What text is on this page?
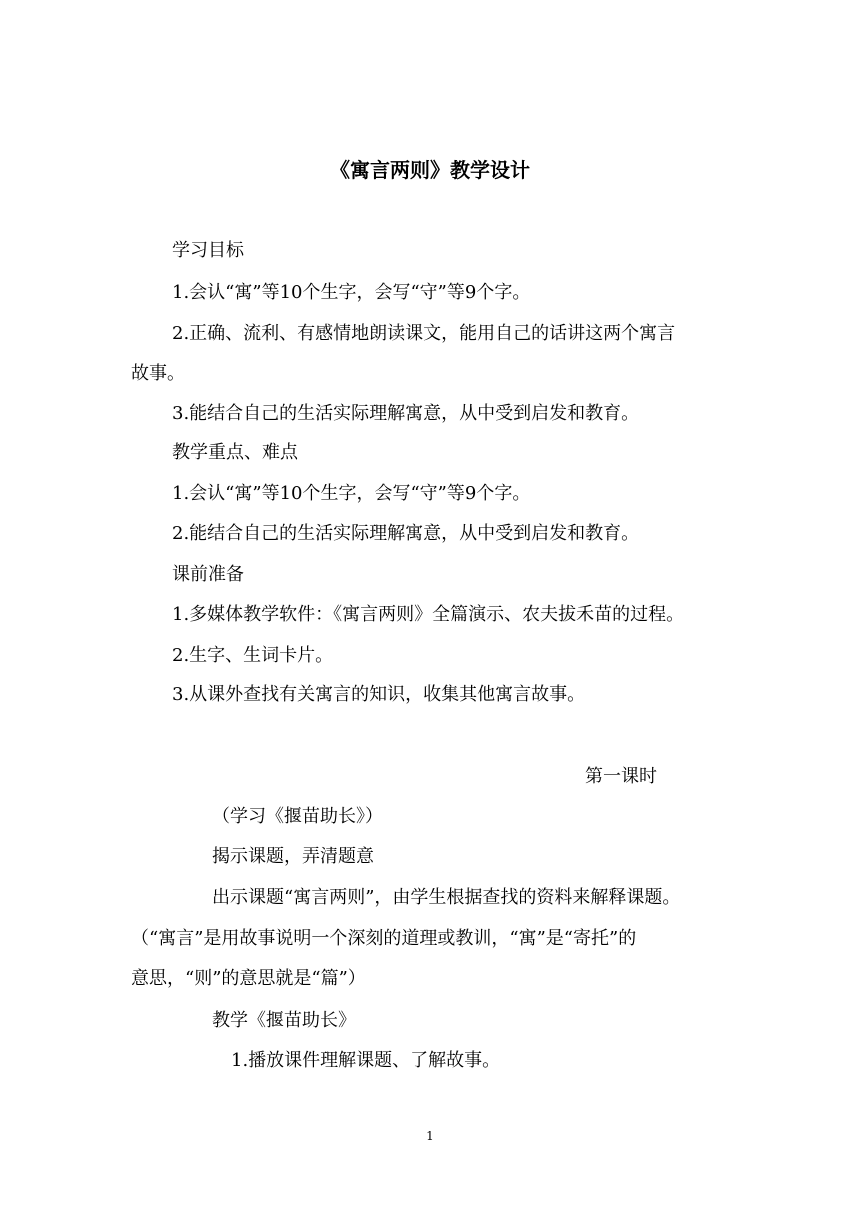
《寓言两则》教学设计

学习目标

1.会认“寓”等10个生字，会写“守”等9个字。

2.正确、流利、有感情地朗读课文，能用自己的话讲这两个寓言

故事。

3.能结合自己的生活实际理解寓意，从中受到启发和教育。

教学重点、难点

1.会认“寓”等10个生字，会写“守”等9个字。

2.能结合自己的生活实际理解寓意，从中受到启发和教育。

课前准备

1.多媒体教学软件：《寓言两则》全篇演示、农夫拔禾苗的过程。

2.生字、生词卡片。

3.从课外查找有关寓言的知识，收集其他寓言故事。

第一课时

（学习《揠苗助长》）

揭示课题，弄清题意

出示课题“寓言两则”，由学生根据查找的资料来解释课题。

（“寓言”是用故事说明一个深刻的道理或教训，“寓”是“寄托”的

意思，“则”的意思就是“篇”）

教学《揠苗助长》

1.播放课件理解课题、了解故事。

1
